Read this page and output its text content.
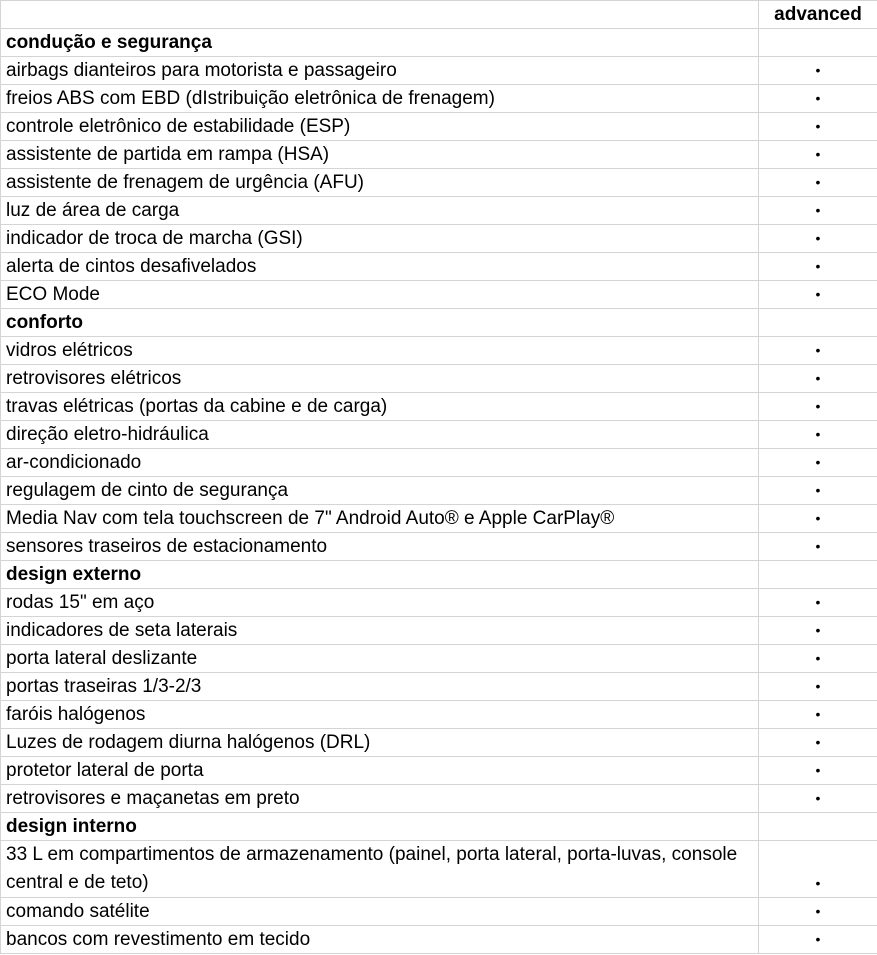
	advanced
condução e segurança	
airbags dianteiros para motorista e passageiro	•
freios ABS com EBD (dIstribuição eletrônica de frenagem)	•
controle eletrônico de estabilidade (ESP)	•
assistente de partida em rampa (HSA)	•
assistente de frenagem de urgência (AFU)	•
luz de área de carga	•
indicador de troca de marcha (GSI)	•
alerta de cintos desafivelados	•
ECO Mode	•
conforto	
vidros elétricos	•
retrovisores elétricos	•
travas elétricas (portas da cabine e de carga)	•
direção eletro-hidráulica	•
ar-condicionado	•
regulagem de cinto de segurança	•
Media Nav com tela touchscreen de 7" Android Auto® e Apple CarPlay®	•
sensores traseiros de estacionamento	•
design externo	
rodas 15" em aço	•
indicadores de seta laterais	•
porta lateral deslizante	•
portas traseiras 1/3-2/3	•
faróis halógenos	•
Luzes de rodagem diurna halógenos (DRL)	•
protetor lateral de porta	•
retrovisores e maçanetas em preto	•
design interno	
33 L em compartimentos de armazenamento (painel, porta lateral, porta-luvas, console central e de teto)	•
comando satélite	•
bancos com revestimento em tecido	•
